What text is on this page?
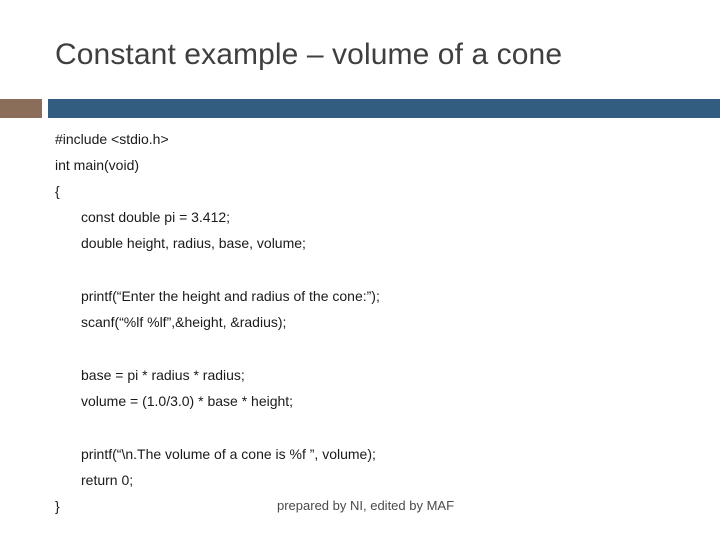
Constant example – volume of a cone
#include <stdio.h>
int main(void)
{
const double pi = 3.412;
double height, radius, base, volume;
printf(“Enter the height and radius of the cone:”);
scanf(“%lf %lf”,&height, &radius);
base = pi * radius * radius;
volume = (1.0/3.0) * base * height;
printf(“\n.The volume of a cone is %f ”, volume);
return 0;
}	prepared by NI, edited by MAF
